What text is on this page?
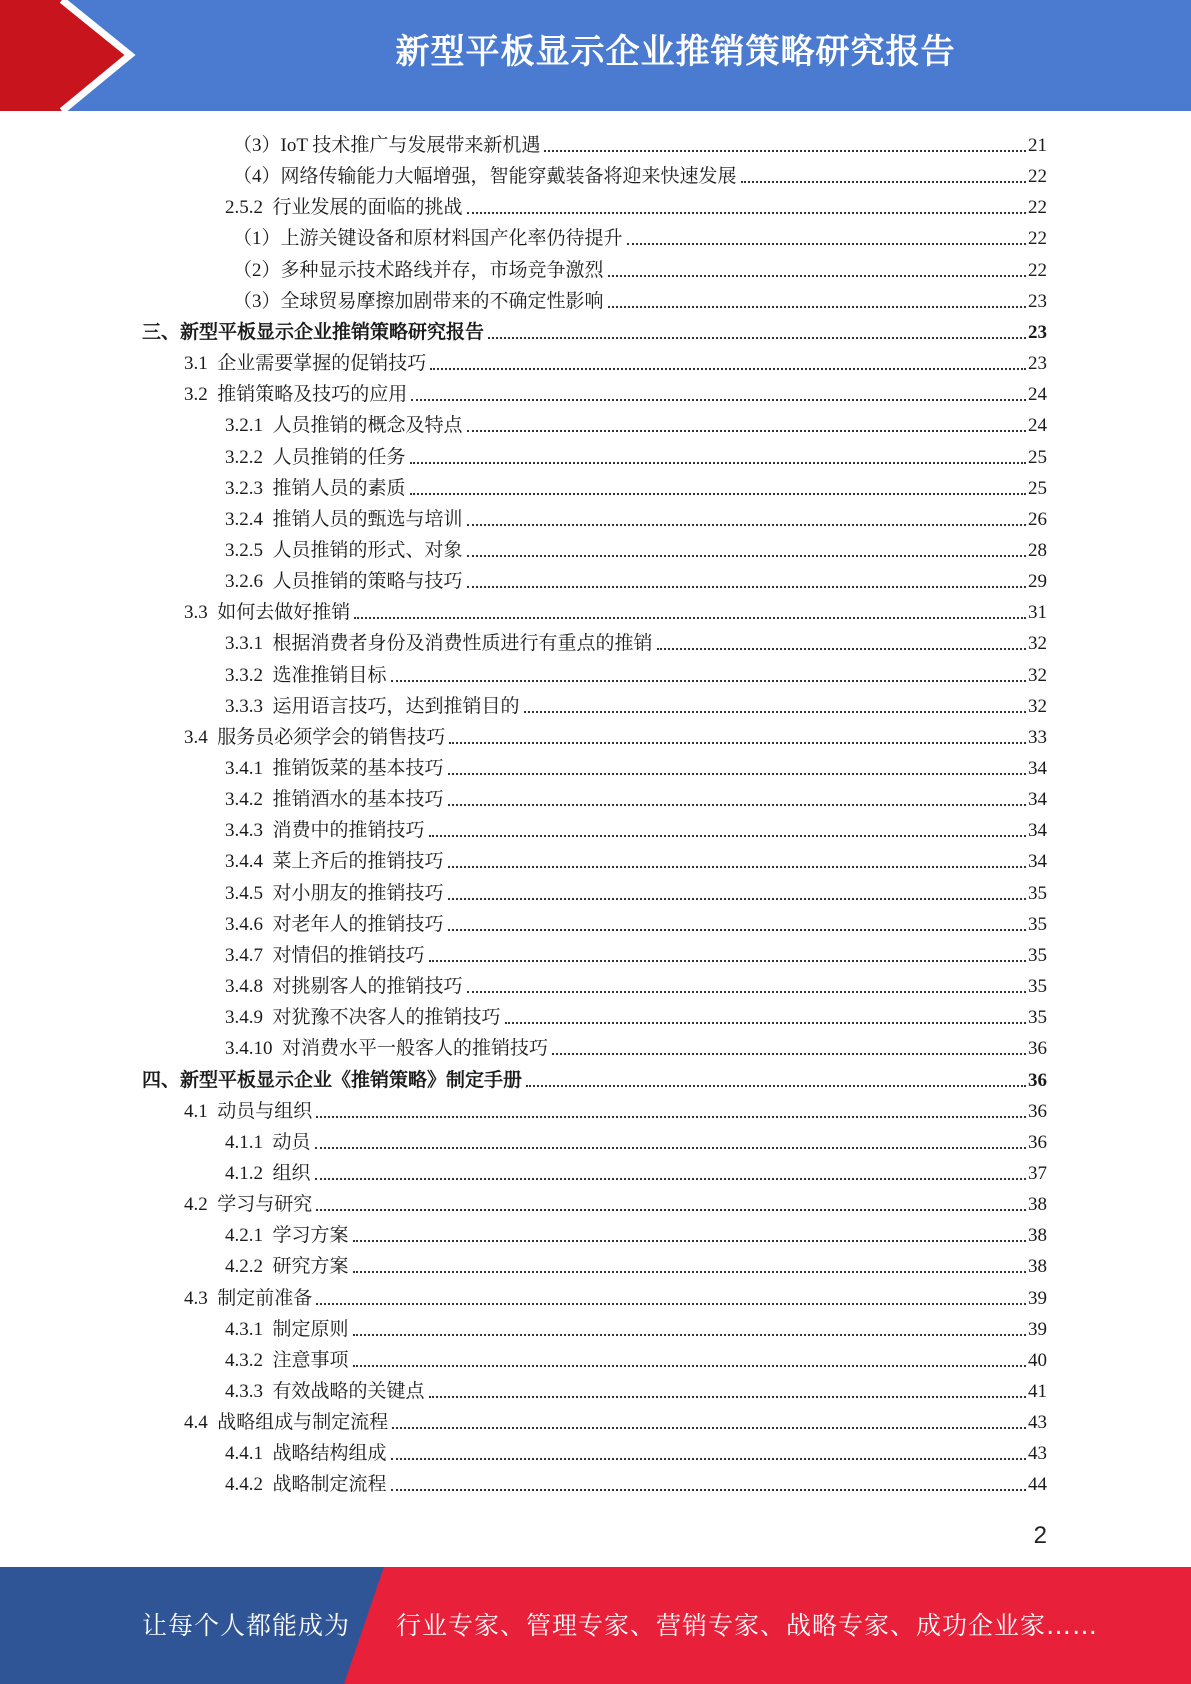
新型平板显示企业推销策略研究报告
（3） IoT 技术推广与发展带来新机遇	21
（4） 网络传输能力大幅增强，智能穿戴装备将迎来快速发展	22
2.5.2 行业发展的面临的挑战	22
（1） 上游关键设备和原材料国产化率仍待提升	22
（2） 多种显示技术路线并存，市场竞争激烈	22
（3） 全球贸易摩擦加剧带来的不确定性影响	23
三、 新型平板显示企业推销策略研究报告	23
3.1 企业需要掌握的促销技巧	23
3.2 推销策略及技巧的应用	24
3.2.1 人员推销的概念及特点	24
3.2.2 人员推销的任务	25
3.2.3 推销人员的素质	25
3.2.4 推销人员的甄选与培训	26
3.2.5 人员推销的形式、对象	28
3.2.6 人员推销的策略与技巧	29
3.3 如何去做好推销	31
3.3.1 根据消费者身份及消费性质进行有重点的推销	32
3.3.2 选准推销目标	32
3.3.3 运用语言技巧，达到推销目的	32
3.4 服务员必须学会的销售技巧	33
3.4.1 推销饭菜的基本技巧	34
3.4.2 推销酒水的基本技巧	34
3.4.3 消费中的推销技巧	34
3.4.4 菜上齐后的推销技巧	34
3.4.5 对小朋友的推销技巧	35
3.4.6 对老年人的推销技巧	35
3.4.7 对情侣的推销技巧	35
3.4.8 对挑剔客人的推销技巧	35
3.4.9 对犹豫不决客人的推销技巧	35
3.4.10 对消费水平一般客人的推销技巧	36
四、 新型平板显示企业《推销策略》制定手册	36
4.1 动员与组织	36
4.1.1 动员	36
4.1.2 组织	37
4.2 学习与研究	38
4.2.1 学习方案	38
4.2.2 研究方案	38
4.3 制定前准备	39
4.3.1 制定原则	39
4.3.2 注意事项	40
4.3.3 有效战略的关键点	41
4.4 战略组成与制定流程	43
4.4.1 战略结构组成	43
4.4.2 战略制定流程	44
2
让每个人都能成为 行业专家、管理专家、营销专家、战略专家、成功企业家……
